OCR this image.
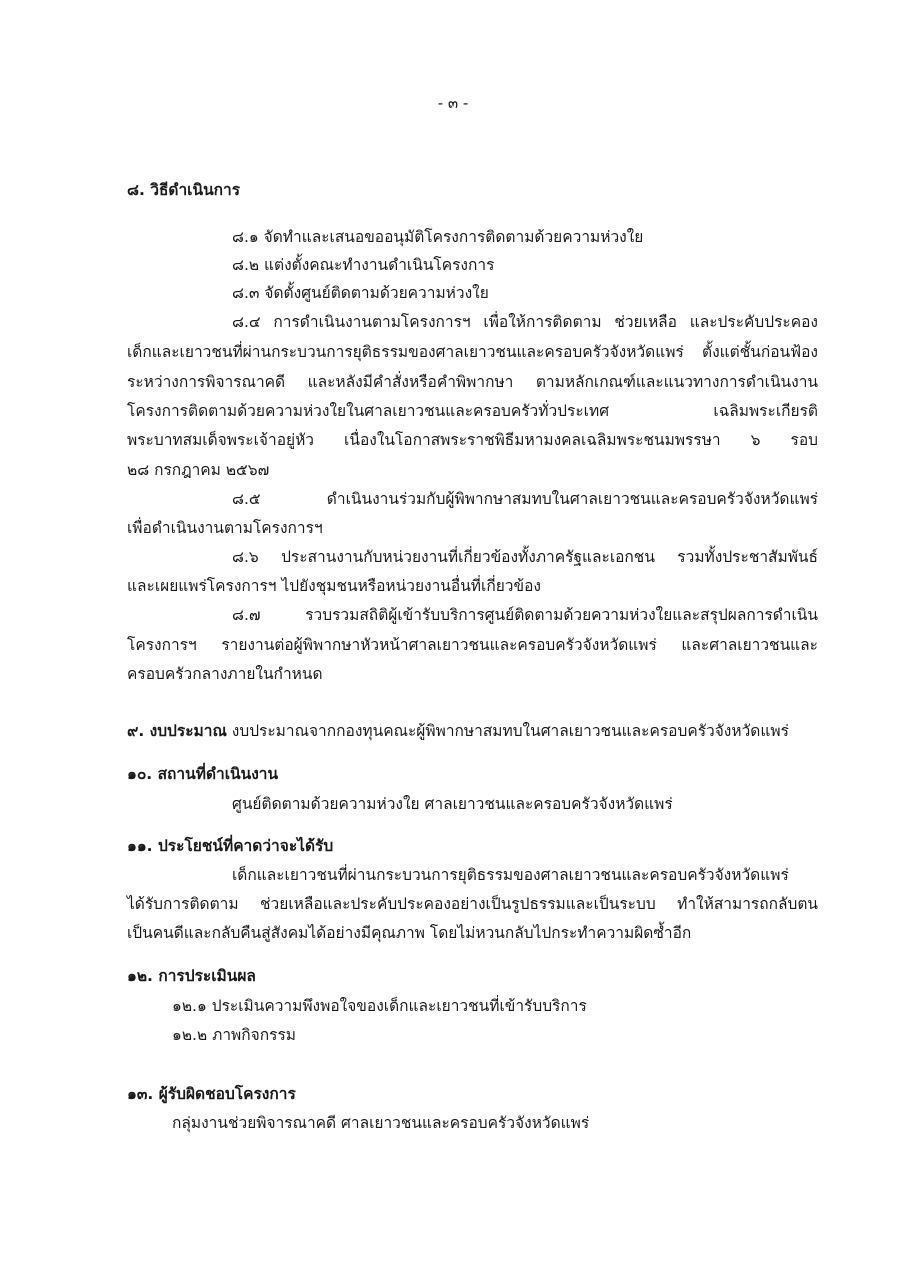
- ๓ -

๘. วิธีดำเนินการ

๘.๑ จัดทำและเสนอขออนุมัติโครงการติดตามด้วยความห่วงใย

๘.๒ แต่งตั้งคณะทำงานดำเนินโครงการ

๘.๓ จัดตั้งศูนย์ติดตามด้วยความห่วงใย

๘.๔ การดำเนินงานตามโครงการฯ เพื่อให้การติดตาม ช่วยเหลือ และประคับประคอง

เด็กและเยาวชนที่ผ่านกระบวนการยุติธรรมของศาลเยาวชนและครอบครัวจังหวัดแพร่ ตั้งแต่ชั้นก่อนฟ้อง

ระหว่างการพิจารณาคดี และหลังมีคำสั่งหรือคำพิพากษา ตามหลักเกณฑ์และแนวทางการดำเนินงาน

โครงการติดตามด้วยความห่วงใยในศาลเยาวชนและครอบครัวทั่วประเทศ เฉลิมพระเกียรติ

พระบาทสมเด็จพระเจ้าอยู่หัว เนื่องในโอกาสพระราชพิธีมหามงคลเฉลิมพระชนมพรรษา ๖ รอบ

๒๘ กรกฎาคม ๒๕๖๗

๘.๕ ดำเนินงานร่วมกับผู้พิพากษาสมทบในศาลเยาวชนและครอบครัวจังหวัดแพร่

เพื่อดำเนินงานตามโครงการฯ

๘.๖ ประสานงานกับหน่วยงานที่เกี่ยวข้องทั้งภาครัฐและเอกชน รวมทั้งประชาสัมพันธ์

และเผยแพร่โครงการฯ ไปยังชุมชนหรือหน่วยงานอื่นที่เกี่ยวข้อง

๘.๗ รวบรวมสถิติผู้เข้ารับบริการศูนย์ติดตามด้วยความห่วงใยและสรุปผลการดำเนิน

โครงการฯ รายงานต่อผู้พิพากษาหัวหน้าศาลเยาวชนและครอบครัวจังหวัดแพร่ และศาลเยาวชนและ

ครอบครัวกลางภายในกำหนด

๙. งบประมาณ งบประมาณจากกองทุนคณะผู้พิพากษาสมทบในศาลเยาวชนและครอบครัวจังหวัดแพร่

๑๐. สถานที่ดำเนินงาน

ศูนย์ติดตามด้วยความห่วงใย ศาลเยาวชนและครอบครัวจังหวัดแพร่

๑๑. ประโยชน์ที่คาดว่าจะได้รับ

เด็กและเยาวชนที่ผ่านกระบวนการยุติธรรมของศาลเยาวชนและครอบครัวจังหวัดแพร่

ได้รับการติดตาม ช่วยเหลือและประคับประคองอย่างเป็นรูปธรรมและเป็นระบบ ทำให้สามารถกลับตน

เป็นคนดีและกลับคืนสู่สังคมได้อย่างมีคุณภาพ โดยไม่หวนกลับไปกระทำความผิดซ้ำอีก

๑๒. การประเมินผล

๑๒.๑ ประเมินความพึงพอใจของเด็กและเยาวชนที่เข้ารับบริการ

๑๒.๒ ภาพกิจกรรม

๑๓. ผู้รับผิดชอบโครงการ

กลุ่มงานช่วยพิจารณาคดี ศาลเยาวชนและครอบครัวจังหวัดแพร่
